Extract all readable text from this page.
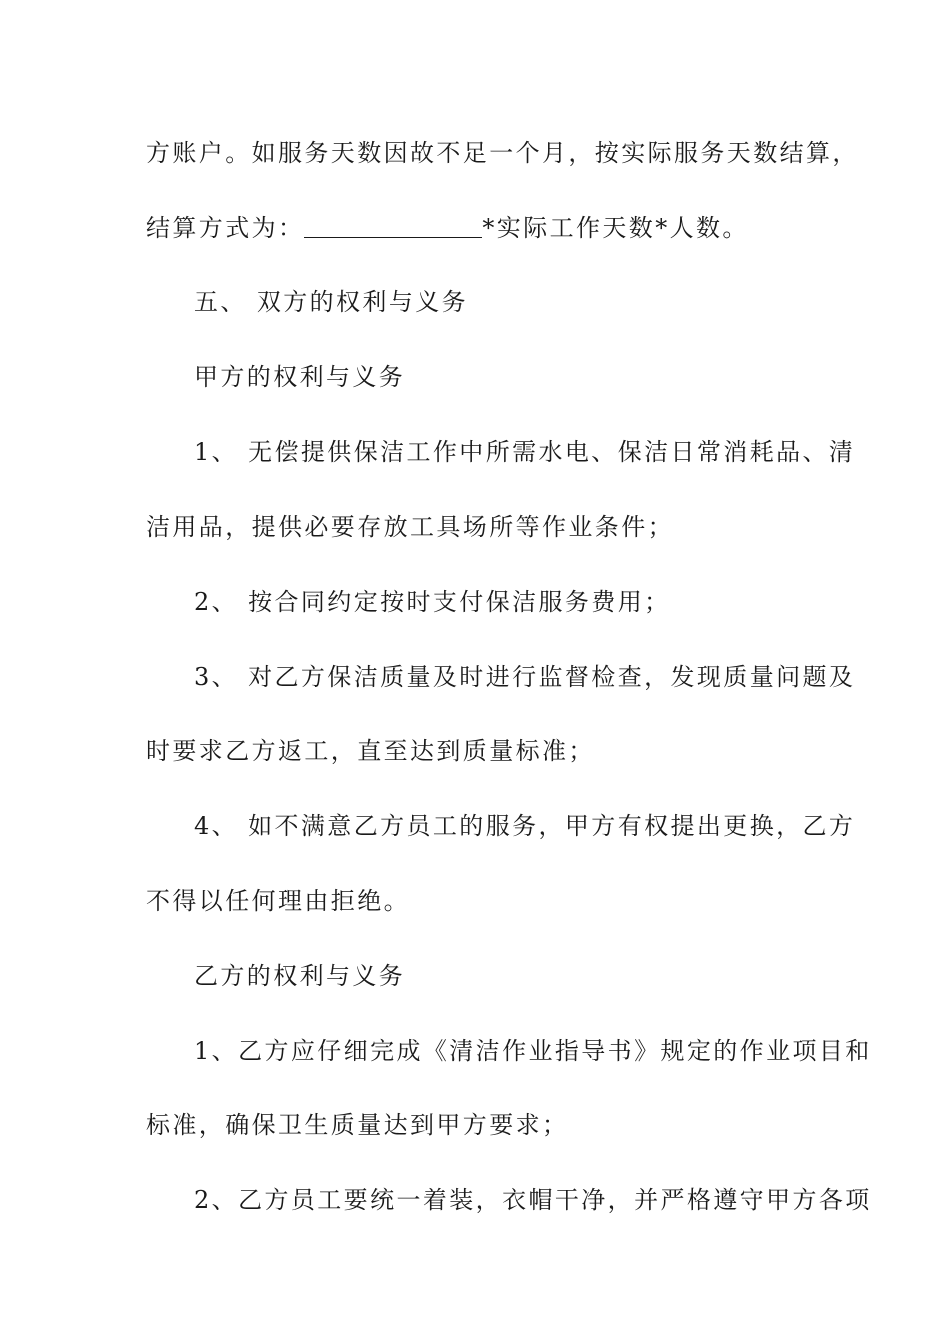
方账户。如服务天数因故不足一个月，按实际服务天数结算，
结算方式为：	*实际工作天数*人数。
五、 双方的权利与义务
甲方的权利与义务
1、 无偿提供保洁工作中所需水电、保洁日常消耗品、清
洁用品，提供必要存放工具场所等作业条件；
2、 按合同约定按时支付保洁服务费用；
3、 对乙方保洁质量及时进行监督检查，发现质量问题及
时要求乙方返工，直至达到质量标准；
4、 如不满意乙方员工的服务，甲方有权提出更换，乙方
不得以任何理由拒绝。
乙方的权利与义务
1、乙方应仔细完成《清洁作业指导书》规定的作业项目和
标准，确保卫生质量达到甲方要求；
2、乙方员工要统一着装，衣帽干净，并严格遵守甲方各项
